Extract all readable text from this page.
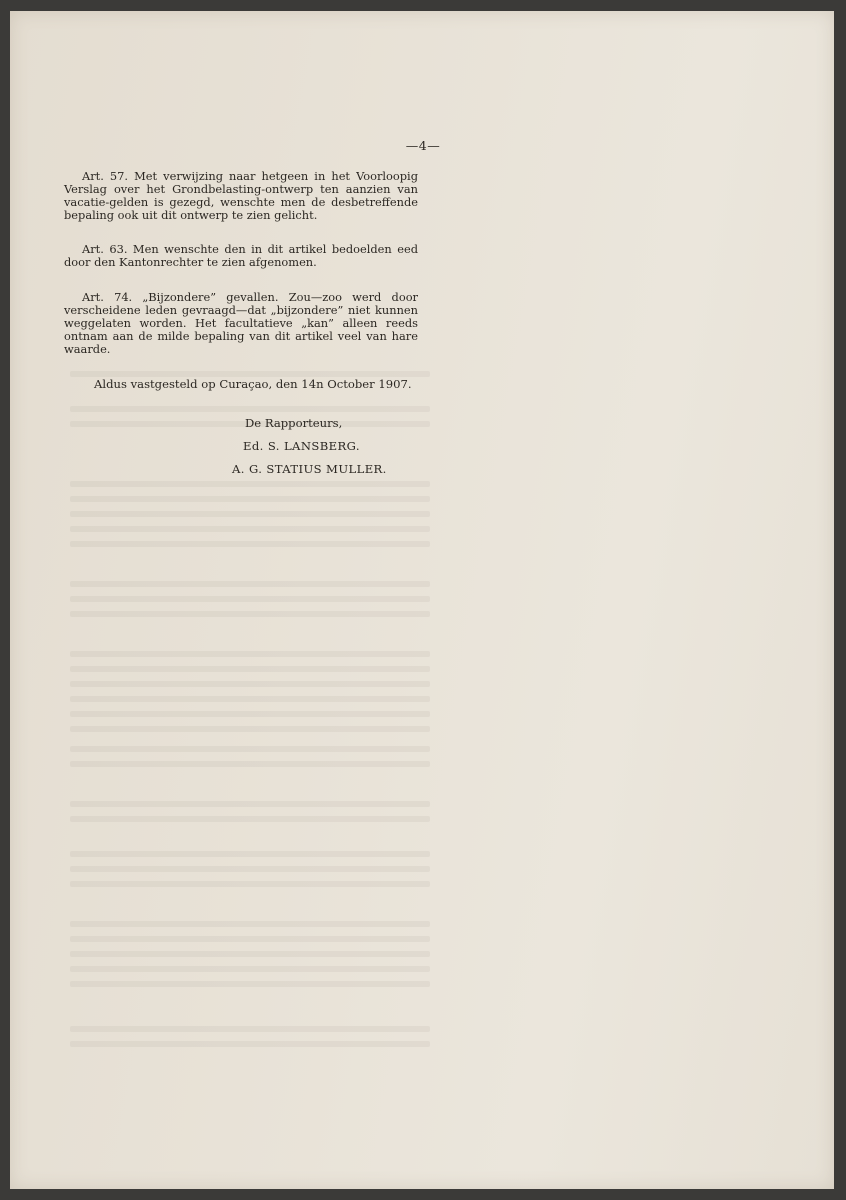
—4—
Art. 57. Met verwijzing naar hetgeen in het Voorloopig Verslag over het Grondbelasting-ontwerp ten aanzien van vacatie-gelden is gezegd, wenschte men de desbetreffende bepaling ook uit dit ontwerp te zien gelicht.
Art. 63. Men wenschte den in dit artikel bedoelden eed door den Kantonrechter te zien afgenomen.
Art. 74. „Bijzondere” gevallen. Zou—zoo werd door verscheidene leden gevraagd—dat „bijzondere” niet kunnen weggelaten worden. Het facultatieve „kan” alleen reeds ontnam aan de milde bepaling van dit artikel veel van hare waarde.
Aldus vastgesteld op Curaçao, den 14n October 1907.
De Rapporteurs,
Ed. S. LANSBERG.
A. G. STATIUS MULLER.
